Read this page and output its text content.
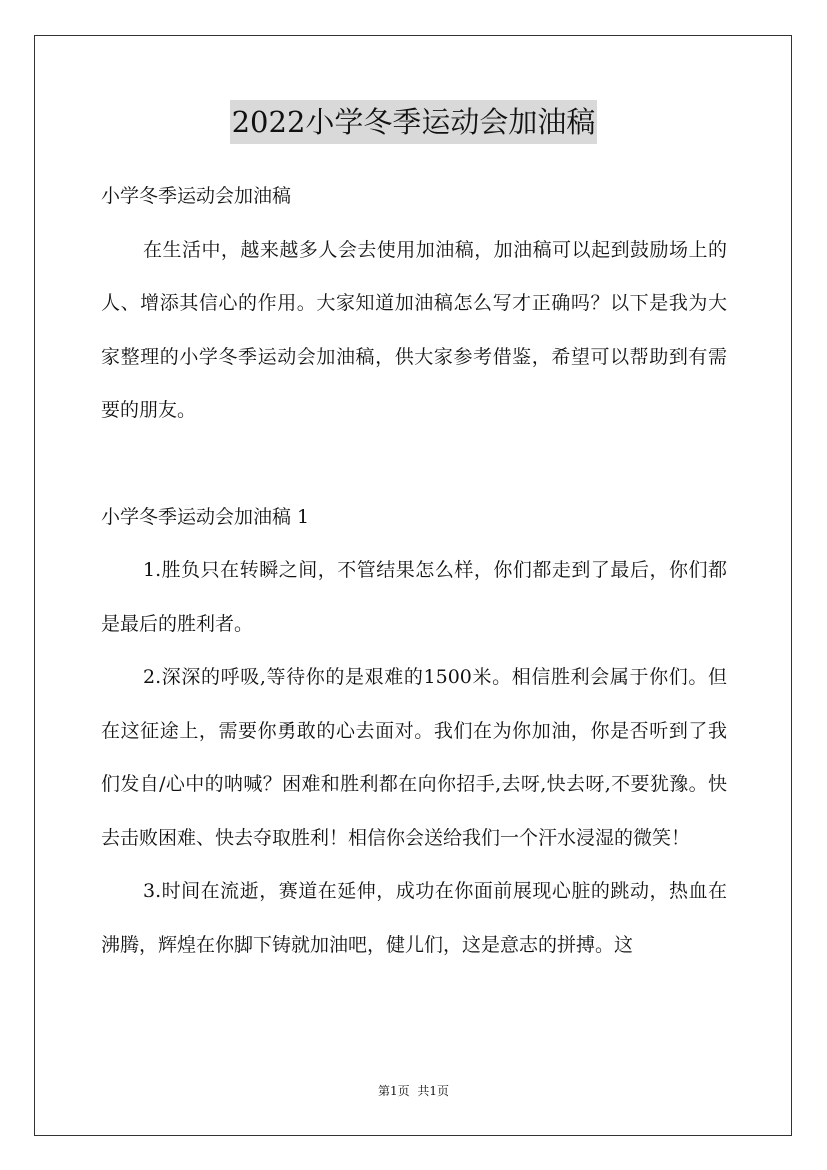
2022小学冬季运动会加油稿

小学冬季运动会加油稿

在生活中，越来越多人会去使用加油稿，加油稿可以起到鼓励场上的人、增添其信心的作用。大家知道加油稿怎么写才正确吗？以下是我为大家整理的小学冬季运动会加油稿，供大家参考借鉴，希望可以帮助到有需要的朋友。

小学冬季运动会加油稿 1

1.胜负只在转瞬之间，不管结果怎么样，你们都走到了最后，你们都是最后的胜利者。

2.深深的呼吸,等待你的是艰难的1500米。相信胜利会属于你们。但在这征途上，需要你勇敢的心去面对。我们在为你加油，你是否听到了我们发自/心中的呐喊？困难和胜利都在向你招手,去呀,快去呀,不要犹豫。快去击败困难、快去夺取胜利！相信你会送给我们一个汗水浸湿的微笑！

3.时间在流逝，赛道在延伸，成功在你面前展现心脏的跳动，热血在沸腾，辉煌在你脚下铸就加油吧，健儿们，这是意志的拼搏。这

第1页 共1页
